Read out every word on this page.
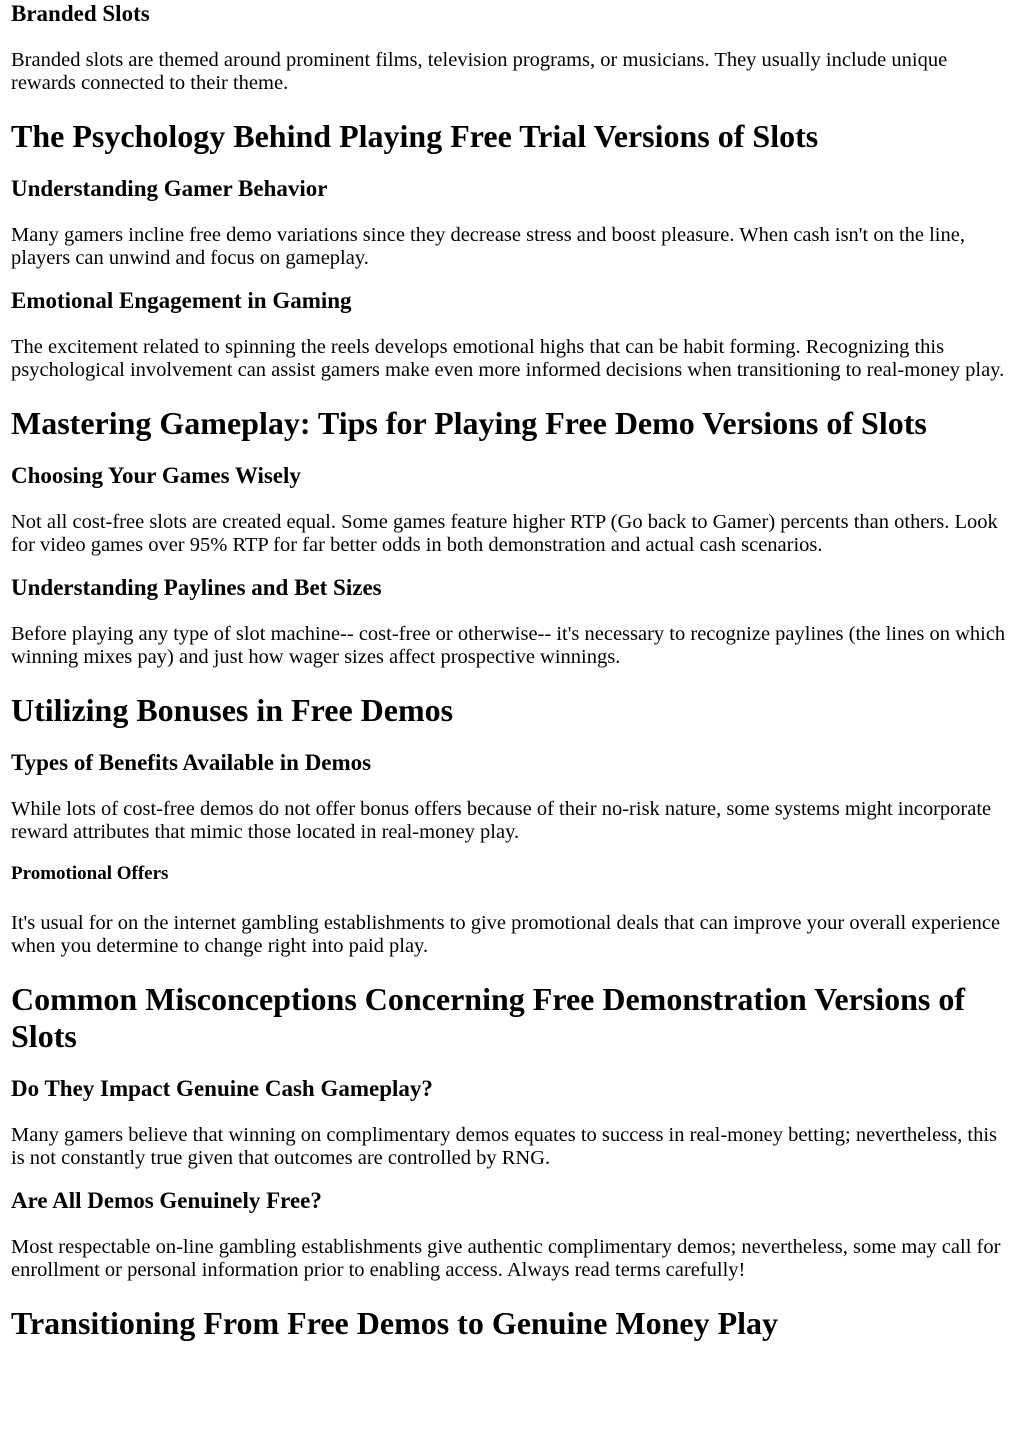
Branded Slots

Branded slots are themed around prominent films, television programs, or musicians. They usually include unique rewards connected to their theme.

The Psychology Behind Playing Free Trial Versions of Slots
Understanding Gamer Behavior

Many gamers incline free demo variations since they decrease stress and boost pleasure. When cash isn't on the line, players can unwind and focus on gameplay.

Emotional Engagement in Gaming

The excitement related to spinning the reels develops emotional highs that can be habit forming. Recognizing this psychological involvement can assist gamers make even more informed decisions when transitioning to real-money play.

Mastering Gameplay: Tips for Playing Free Demo Versions of Slots
Choosing Your Games Wisely

Not all cost-free slots are created equal. Some games feature higher RTP (Go back to Gamer) percents than others. Look for video games over 95% RTP for far better odds in both demonstration and actual cash scenarios.

Understanding Paylines and Bet Sizes

Before playing any type of slot machine-- cost-free or otherwise-- it's necessary to recognize paylines (the lines on which winning mixes pay) and just how wager sizes affect prospective winnings.

Utilizing Bonuses in Free Demos
Types of Benefits Available in Demos

While lots of cost-free demos do not offer bonus offers because of their no-risk nature, some systems might incorporate reward attributes that mimic those located in real-money play.

Promotional Offers

It's usual for on the internet gambling establishments to give promotional deals that can improve your overall experience when you determine to change right into paid play.

Common Misconceptions Concerning Free Demonstration Versions of Slots
Do They Impact Genuine Cash Gameplay?

Many gamers believe that winning on complimentary demos equates to success in real-money betting; nevertheless, this is not constantly true given that outcomes are controlled by RNG.

Are All Demos Genuinely Free?

Most respectable on-line gambling establishments give authentic complimentary demos; nevertheless, some may call for enrollment or personal information prior to enabling access. Always read terms carefully!

Transitioning From Free Demos to Genuine Money Play
